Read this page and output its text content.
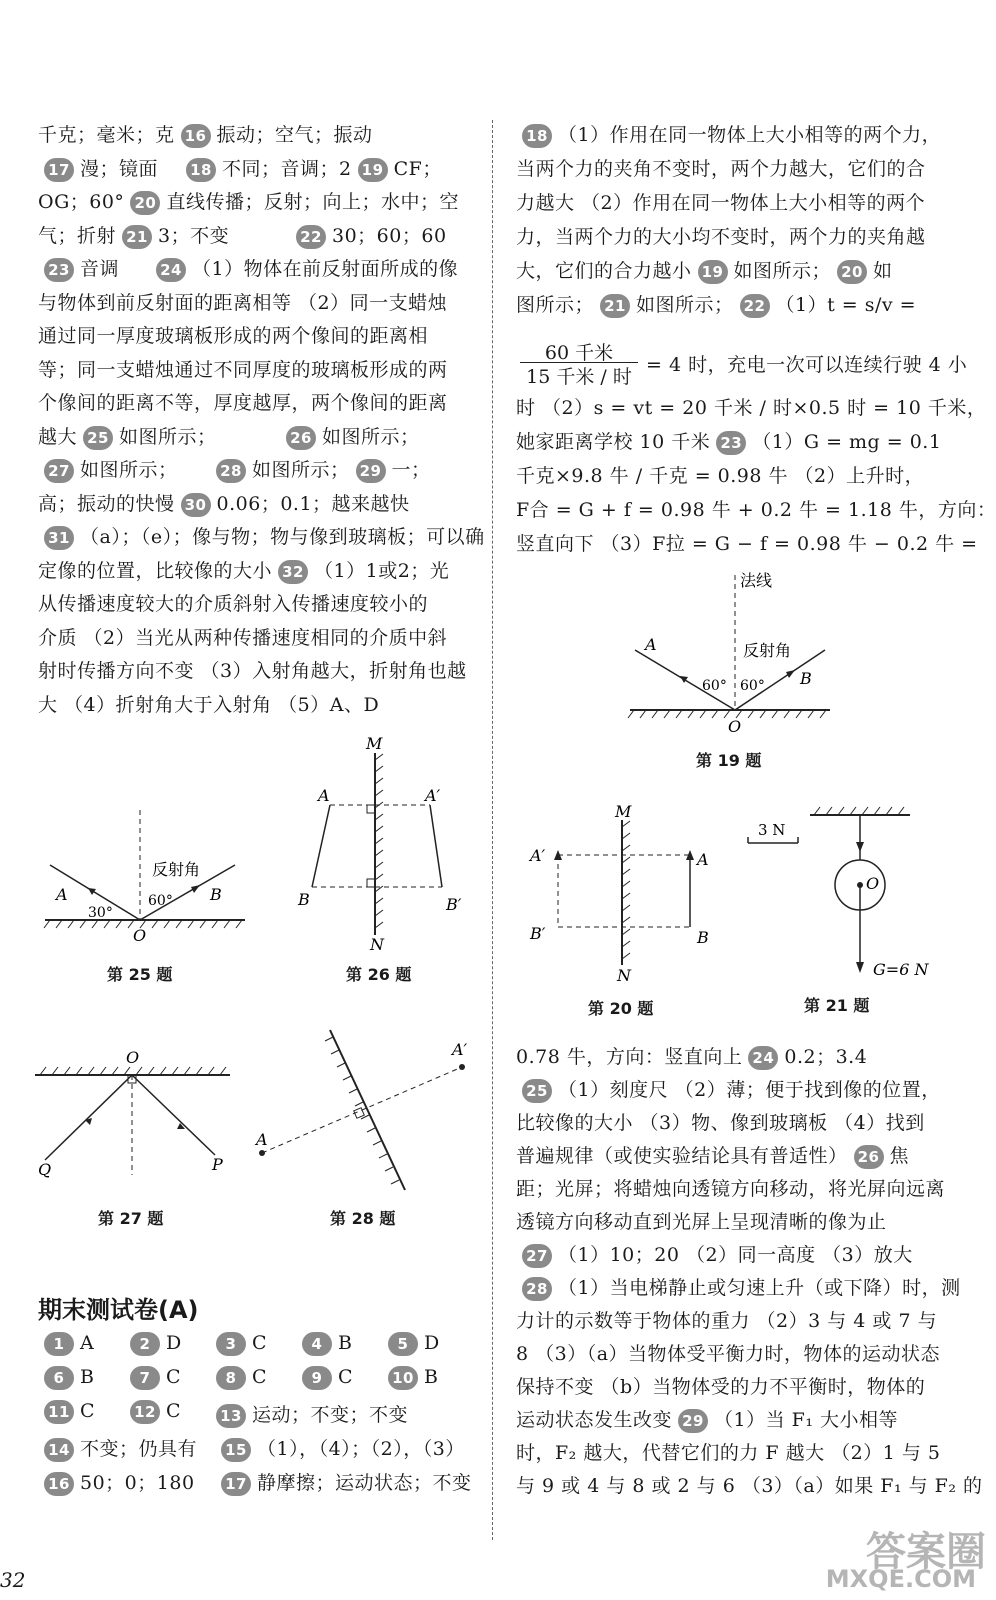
千克；毫米；克 16 振动；空气；振动
17 漫；镜面
OG；60° 20 直线传播；反射；向上；水中；空
气；折射 21 3；不变
23 音调
与物体到前反射面的距离相等 （2）同一支蜡烛
通过同一厚度玻璃板形成的两个像间的距离相
等；同一支蜡烛通过不同厚度的玻璃板形成的两
个像间的距离不等，厚度越厚，两个像间的距离
越大 25 如图所示；
27 如图所示；
高；振动的快慢 30 0.06；0.1；越来越快
31 （a）；（e）；像与物；物与像到玻璃板；可以确
定像的位置，比较像的大小 32 （1）1或2；光
从传播速度较大的介质斜射入传播速度较小的
介质 （2）当光从两种传播速度相同的介质中斜
射时传播方向不变 （3）入射角越大，折射角也越
大 （4）折射角大于入射角 （5）A、D
18 不同；音调；2 19 CF；
22 30；60；60
24 （1）物体在前反射面所成的像
26 如图所示；
28 如图所示； 29 一；
反射角
60°
30°
A	B
O
M
N
A	A′
B	B′
第 25 题	第 26 题
O
Q	P
A
A′
第 27 题	第 28 题
期末测试卷(A)
1 A	2 D	3 C	4 B	5 D
6 B	7 C	8 C	9 C	10 B
11 C	12 C	13 运动；不变；不变
14 不变；仍具有	15 （1），（4）；（2），（3）
16 50；0；180	17 静摩擦；运动状态；不变
18 （1）作用在同一物体上大小相等的两个力，
当两个力的夹角不变时，两个力越大，它们的合
力越大 （2）作用在同一物体上大小相等的两个
力，当两个力的大小均不变时，两个力的夹角越
大，它们的合力越小 19 如图所示； 20 如
图所示； 21 如图所示； 22 （1）t = s/v =
时 （2）s = vt = 20 千米 / 时×0.5 时 = 10 千米，
她家距离学校 10 千米 23 （1）G = mg = 0.1
千克×9.8 牛 / 千克 = 0.98 牛 （2）上升时，
F合 = G + f = 0.98 牛 + 0.2 牛 = 1.18 牛，方向：
竖直向下 （3）F拉 = G − f = 0.98 牛 − 0.2 牛 =
0.78 牛，方向：竖直向上 24 0.2；3.4
25 （1）刻度尺 （2）薄；便于找到像的位置，
比较像的大小 （3）物、像到玻璃板 （4）找到
普遍规律（或使实验结论具有普适性） 26 焦
距；光屏；将蜡烛向透镜方向移动，将光屏向远离
透镜方向移动直到光屏上呈现清晰的像为止
27 （1）10；20 （2）同一高度 （3）放大
28 （1）当电梯静止或匀速上升（或下降）时，测
力计的示数等于物体的重力 （2）3 与 4 或 7 与
8 （3）（a）当物体受平衡力时，物体的运动状态
保持不变 （b）当物体受的力不平衡时，物体的
运动状态发生改变 29 （1）当 F₁ 大小相等
时，F₂ 越大，代替它们的力 F 越大 （2）1 与 5
与 9 或 4 与 8 或 2 与 6 （3）（a）如果 F₁ 与 F₂ 的
60 千米
15 千米 / 时
= 4 时，充电一次可以连续行驶 4 小
法线
反射角
60° 60°
A
B
O
第 19 题
M
N
A′	A
B′	B
第 20 题
3 N
O
G=6 N
第 21 题
32
答案圈
MXQE.COM
